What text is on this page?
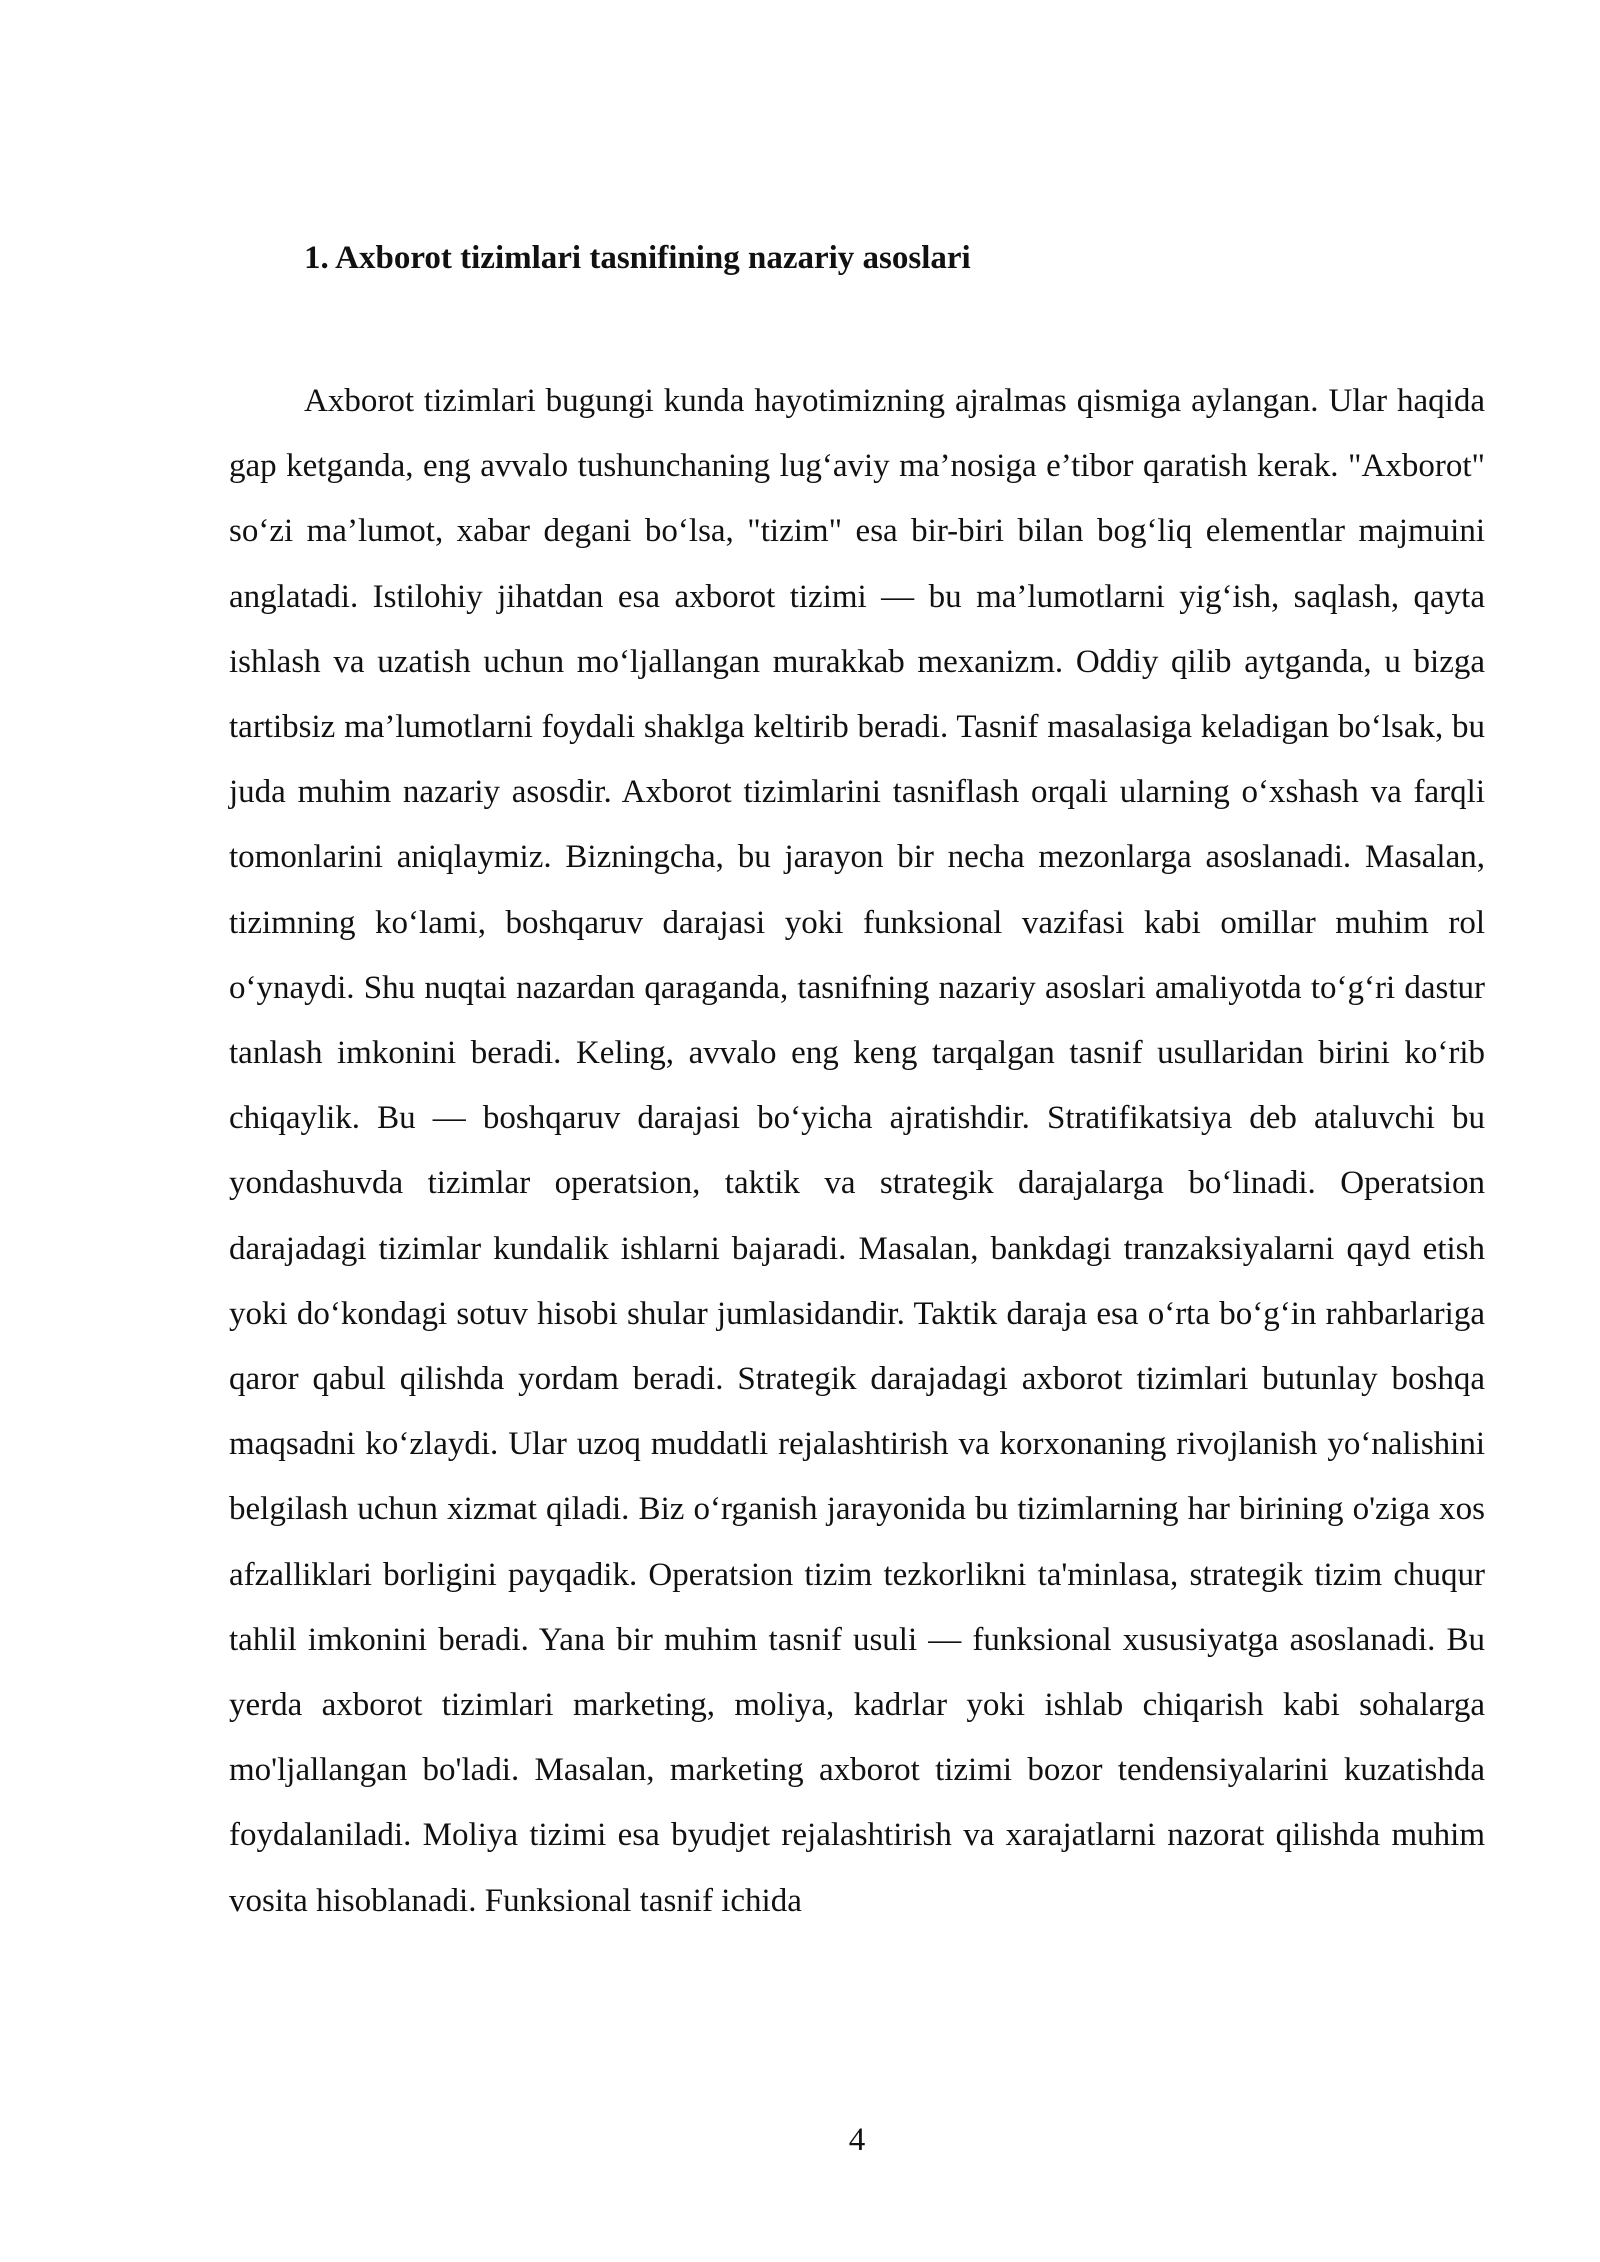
1. Axborot tizimlari tasnifining nazariy asoslari

Axborot tizimlari bugungi kunda hayotimizning ajralmas qismiga aylangan. Ular haqida gap ketganda, eng avvalo tushunchaning lug‘aviy ma’nosiga e’tibor qaratish kerak. "Axborot" so‘zi ma’lumot, xabar degani bo‘lsa, "tizim" esa bir-biri bilan bog‘liq elementlar majmuini anglatadi. Istilohiy jihatdan esa axborot tizimi — bu ma’lumotlarni yig‘ish, saqlash, qayta ishlash va uzatish uchun mo‘ljallangan murakkab mexanizm. Oddiy qilib aytganda, u bizga tartibsiz ma’lumotlarni foydali shaklga keltirib beradi. Tasnif masalasiga keladigan bo‘lsak, bu juda muhim nazariy asosdir. Axborot tizimlarini tasniflash orqali ularning o‘xshash va farqli tomonlarini aniqlaymiz. Bizningcha, bu jarayon bir necha mezonlarga asoslanadi. Masalan, tizimning ko‘lami, boshqaruv darajasi yoki funksional vazifasi kabi omillar muhim rol o‘ynaydi. Shu nuqtai nazardan qaraganda, tasnifning nazariy asoslari amaliyotda to‘g‘ri dastur tanlash imkonini beradi. Keling, avvalo eng keng tarqalgan tasnif usullaridan birini ko‘rib chiqaylik. Bu — boshqaruv darajasi bo‘yicha ajratishdir. Stratifikatsiya deb ataluvchi bu yondashuvda tizimlar operatsion, taktik va strategik darajalarga bo‘linadi. Operatsion darajadagi tizimlar kundalik ishlarni bajaradi. Masalan, bankdagi tranzaksiyalarni qayd etish yoki do‘kondagi sotuv hisobi shular jumlasidandir. Taktik daraja esa o‘rta bo‘g‘in rahbarlariga qaror qabul qilishda yordam beradi. Strategik darajadagi axborot tizimlari butunlay boshqa maqsadni ko‘zlaydi. Ular uzoq muddatli rejalashtirish va korxonaning rivojlanish yo‘nalishini belgilash uchun xizmat qiladi. Biz o‘rganish jarayonida bu tizimlarning har birining o'ziga xos afzalliklari borligini payqadik. Operatsion tizim tezkorlikni ta'minlasa, strategik tizim chuqur tahlil imkonini beradi. Yana bir muhim tasnif usuli — funksional xususiyatga asoslanadi. Bu yerda axborot tizimlari marketing, moliya, kadrlar yoki ishlab chiqarish kabi sohalarga mo'ljallangan bo'ladi. Masalan, marketing axborot tizimi bozor tendensiyalarini kuzatishda foydalaniladi. Moliya tizimi esa byudjet rejalashtirish va xarajatlarni nazorat qilishda muhim vosita hisoblanadi. Funksional tasnif ichida

4
